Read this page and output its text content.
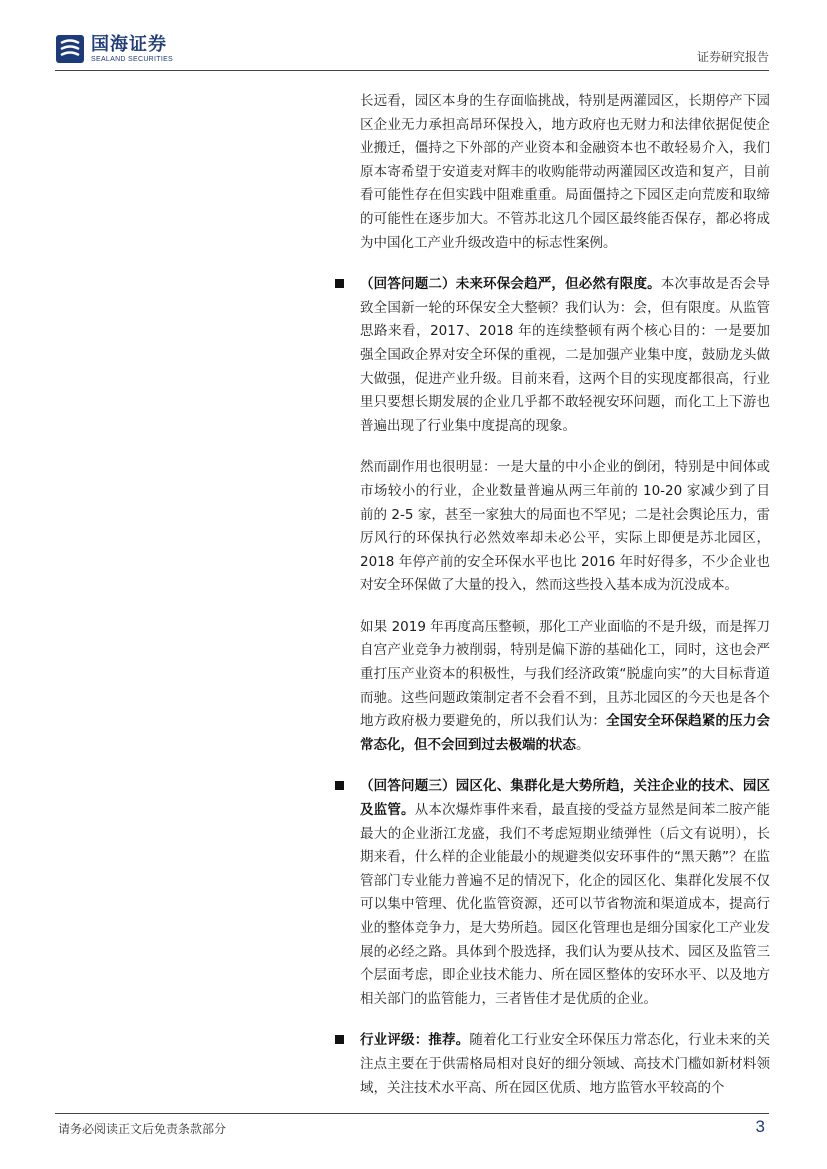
国海证券
SEALAND SECURITIES	证券研究报告

长远看，园区本身的生存面临挑战，特别是两灌园区，长期停产下园区企业无力承担高昂环保投入，地方政府也无财力和法律依据促使企业搬迁，僵持之下外部的产业资本和金融资本也不敢轻易介入，我们原本寄希望于安道麦对辉丰的收购能带动两灌园区改造和复产，目前看可能性存在但实践中阻难重重。局面僵持之下园区走向荒废和取缔的可能性在逐步加大。不管苏北这几个园区最终能否保存，都必将成为中国化工产业升级改造中的标志性案例。

（回答问题二）未来环保会趋严，但必然有限度。本次事故是否会导致全国新一轮的环保安全大整顿？我们认为：会，但有限度。从监管思路来看，2017、2018 年的连续整顿有两个核心目的：一是要加强全国政企界对安全环保的重视，二是加强产业集中度，鼓励龙头做大做强，促进产业升级。目前来看，这两个目的实现度都很高，行业里只要想长期发展的企业几乎都不敢轻视安环问题，而化工上下游也普遍出现了行业集中度提高的现象。

然而副作用也很明显：一是大量的中小企业的倒闭，特别是中间体或市场较小的行业，企业数量普遍从两三年前的 10-20 家减少到了目前的 2-5 家，甚至一家独大的局面也不罕见；二是社会舆论压力，雷厉风行的环保执行必然效率却未必公平，实际上即便是苏北园区，2018 年停产前的安全环保水平也比 2016 年时好得多，不少企业也对安全环保做了大量的投入，然而这些投入基本成为沉没成本。

如果 2019 年再度高压整顿，那化工产业面临的不是升级，而是挥刀自宫产业竞争力被削弱，特别是偏下游的基础化工，同时，这也会严重打压产业资本的积极性，与我们经济政策“脱虚向实”的大目标背道而驰。这些问题政策制定者不会看不到，且苏北园区的今天也是各个地方政府极力要避免的，所以我们认为：全国安全环保趋紧的压力会常态化，但不会回到过去极端的状态。

（回答问题三）园区化、集群化是大势所趋，关注企业的技术、园区及监管。从本次爆炸事件来看，最直接的受益方显然是间苯二胺产能最大的企业浙江龙盛，我们不考虑短期业绩弹性（后文有说明），长期来看，什么样的企业能最小的规避类似安环事件的“黑天鹅”？在监管部门专业能力普遍不足的情况下，化企的园区化、集群化发展不仅可以集中管理、优化监管资源，还可以节省物流和渠道成本，提高行业的整体竞争力，是大势所趋。园区化管理也是细分国家化工产业发展的必经之路。具体到个股选择，我们认为要从技术、园区及监管三个层面考虑，即企业技术能力、所在园区整体的安环水平、以及地方相关部门的监管能力，三者皆佳才是优质的企业。

行业评级：推荐。随着化工行业安全环保压力常态化，行业未来的关注点主要在于供需格局相对良好的细分领域、高技术门槛如新材料领域，关注技术水平高、所在园区优质、地方监管水平较高的个

请务必阅读正文后免责条款部分	3
